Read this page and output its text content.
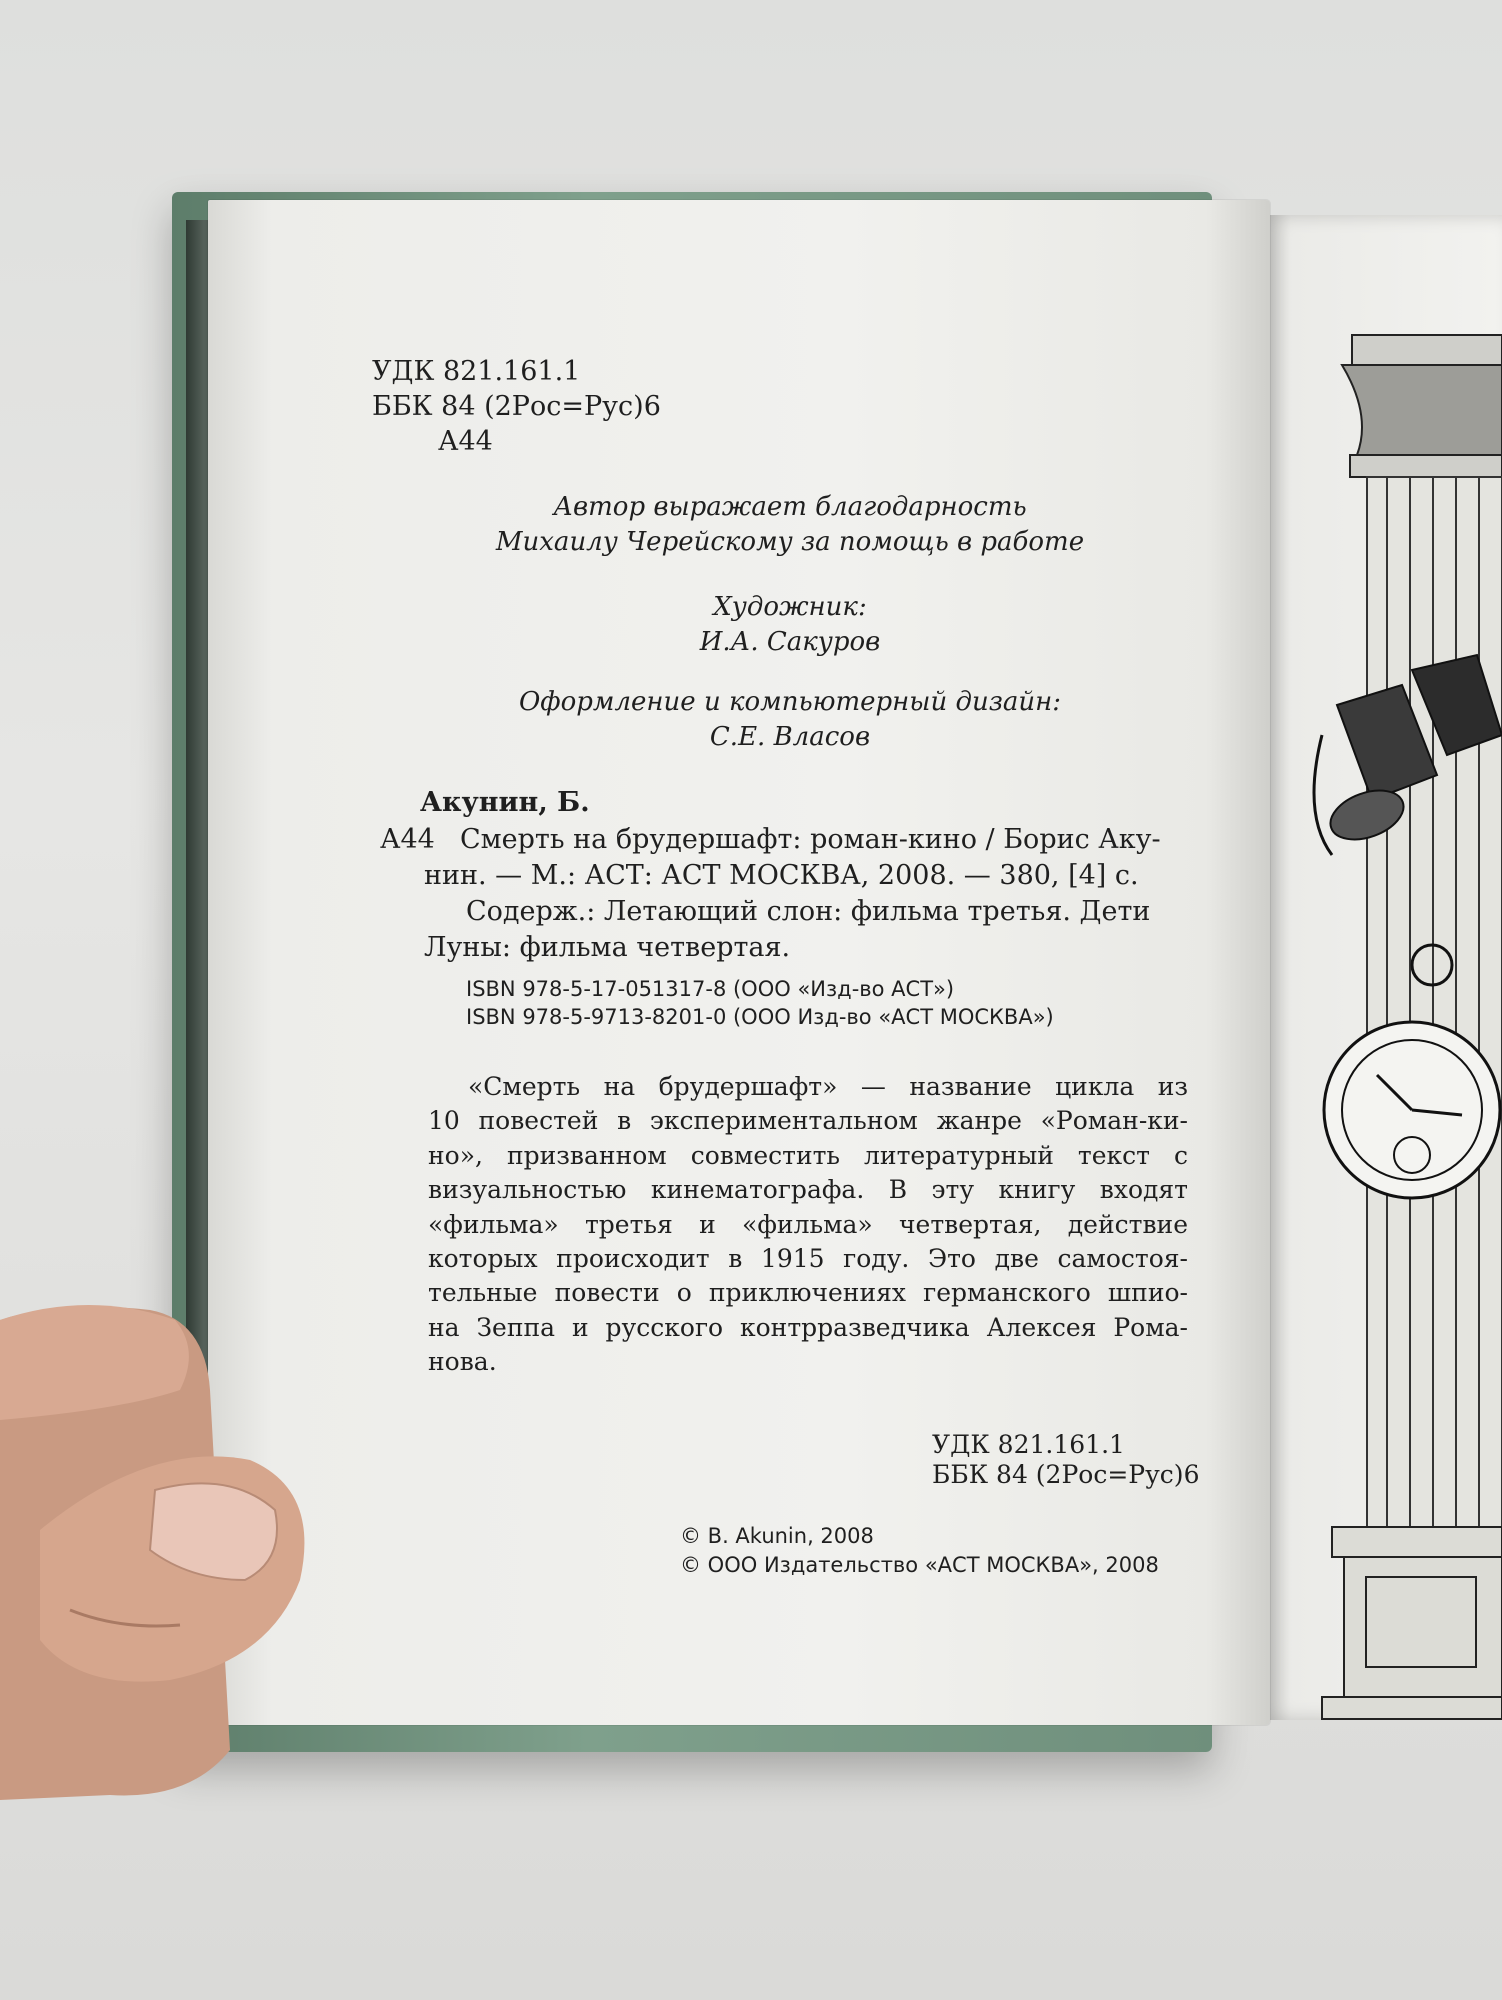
УДК 821.161.1

ББК 84 (2Рос=Рус)6

А44

Автор выражает благодарность

Михаилу Черейскому за помощь в работе

Художник:

И.А. Сакуров

Оформление и компьютерный дизайн:

С.Е. Власов

Акунин, Б.

А44 Смерть на брудершафт: роман-кино / Борис Аку-

нин. — М.: АСТ: АСТ МОСКВА, 2008. — 380, [4] с.

Содерж.: Летающий слон: фильма третья. Дети

Луны: фильма четвертая.

ISBN 978-5-17-051317-8 (ООО «Изд-во АСТ»)

ISBN 978-5-9713-8201-0 (ООО Изд-во «АСТ МОСКВА»)

«Смерть на брудершафт» — название цикла из
10 повестей в экспериментальном жанре «Роман-ки-
но», призванном совместить литературный текст с
визуальностью кинематографа. В эту книгу входят
«фильма» третья и «фильма» четвертая, действие
которых происходит в 1915 году. Это две самостоя-
тельные повести о приключениях германского шпио-
на Зеппа и русского контрразведчика Алексея Рома-
нова.

УДК 821.161.1

ББК 84 (2Рос=Рус)6

© B. Akunin, 2008

© ООО Издательство «АСТ МОСКВА», 2008
